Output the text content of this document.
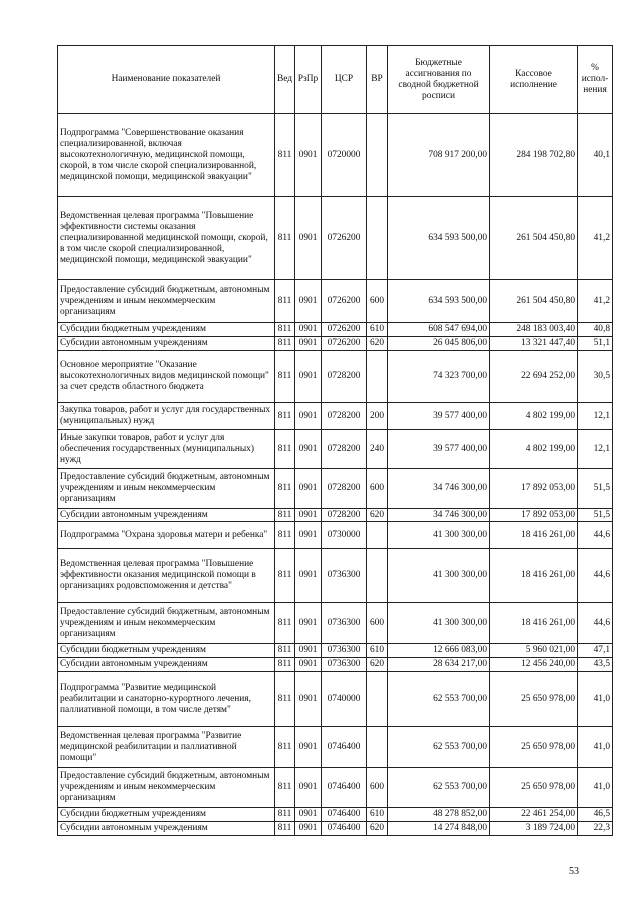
Наименование показателей	Вед	РзПр	ЦСР	ВР	Бюджетные ассигнования по сводной бюджетной росписи	Кассовое исполнение	% испол-нения
Подпрограмма "Совершенствование оказания специализированной, включая высокотехнологичную, медицинской помощи, скорой, в том числе скорой специализированной, медицинской помощи, медицинской эвакуации"	811	0901	0720000		708 917 200,00	284 198 702,80	40,1
Ведомственная целевая программа "Повышение эффективности системы оказания специализированной медицинской помощи, скорой, в том числе скорой специализированной, медицинской помощи, медицинской эвакуации"	811	0901	0726200		634 593 500,00	261 504 450,80	41,2
Предоставление субсидий бюджетным, автономным учреждениям и иным некоммерческим организациям	811	0901	0726200	600	634 593 500,00	261 504 450,80	41,2
Субсидии бюджетным учреждениям	811	0901	0726200	610	608 547 694,00	248 183 003,40	40,8
Субсидии автономным учреждениям	811	0901	0726200	620	26 045 806,00	13 321 447,40	51,1
Основное мероприятие "Оказание высокотехнологичных видов медицинской помощи" за счет средств областного бюджета	811	0901	0728200		74 323 700,00	22 694 252,00	30,5
Закупка товаров, работ и услуг для государственных (муниципальных) нужд	811	0901	0728200	200	39 577 400,00	4 802 199,00	12,1
Иные закупки товаров, работ и услуг для обеспечения государственных (муниципальных) нужд	811	0901	0728200	240	39 577 400,00	4 802 199,00	12,1
Предоставление субсидий бюджетным, автономным учреждениям и иным некоммерческим организациям	811	0901	0728200	600	34 746 300,00	17 892 053,00	51,5
Субсидии автономным учреждениям	811	0901	0728200	620	34 746 300,00	17 892 053,00	51,5
Подпрограмма "Охрана здоровья матери и ребенка"	811	0901	0730000		41 300 300,00	18 416 261,00	44,6
Ведомственная целевая программа "Повышение эффективности оказания медицинской помощи в организациях родовспоможения и детства"	811	0901	0736300		41 300 300,00	18 416 261,00	44,6
Предоставление субсидий бюджетным, автономным учреждениям и иным некоммерческим организациям	811	0901	0736300	600	41 300 300,00	18 416 261,00	44,6
Субсидии бюджетным учреждениям	811	0901	0736300	610	12 666 083,00	5 960 021,00	47,1
Субсидии автономным учреждениям	811	0901	0736300	620	28 634 217,00	12 456 240,00	43,5
Подпрограмма "Развитие медицинской реабилитации и санаторно-курортного лечения, паллиативной помощи, в том числе детям"	811	0901	0740000		62 553 700,00	25 650 978,00	41,0
Ведомственная целевая программа "Развитие медицинской реабилитации и паллиативной помощи"	811	0901	0746400		62 553 700,00	25 650 978,00	41,0
Предоставление субсидий бюджетным, автономным учреждениям и иным некоммерческим организациям	811	0901	0746400	600	62 553 700,00	25 650 978,00	41,0
Субсидии бюджетным учреждениям	811	0901	0746400	610	48 278 852,00	22 461 254,00	46,5
Субсидии автономным учреждениям	811	0901	0746400	620	14 274 848,00	3 189 724,00	22,3
53
